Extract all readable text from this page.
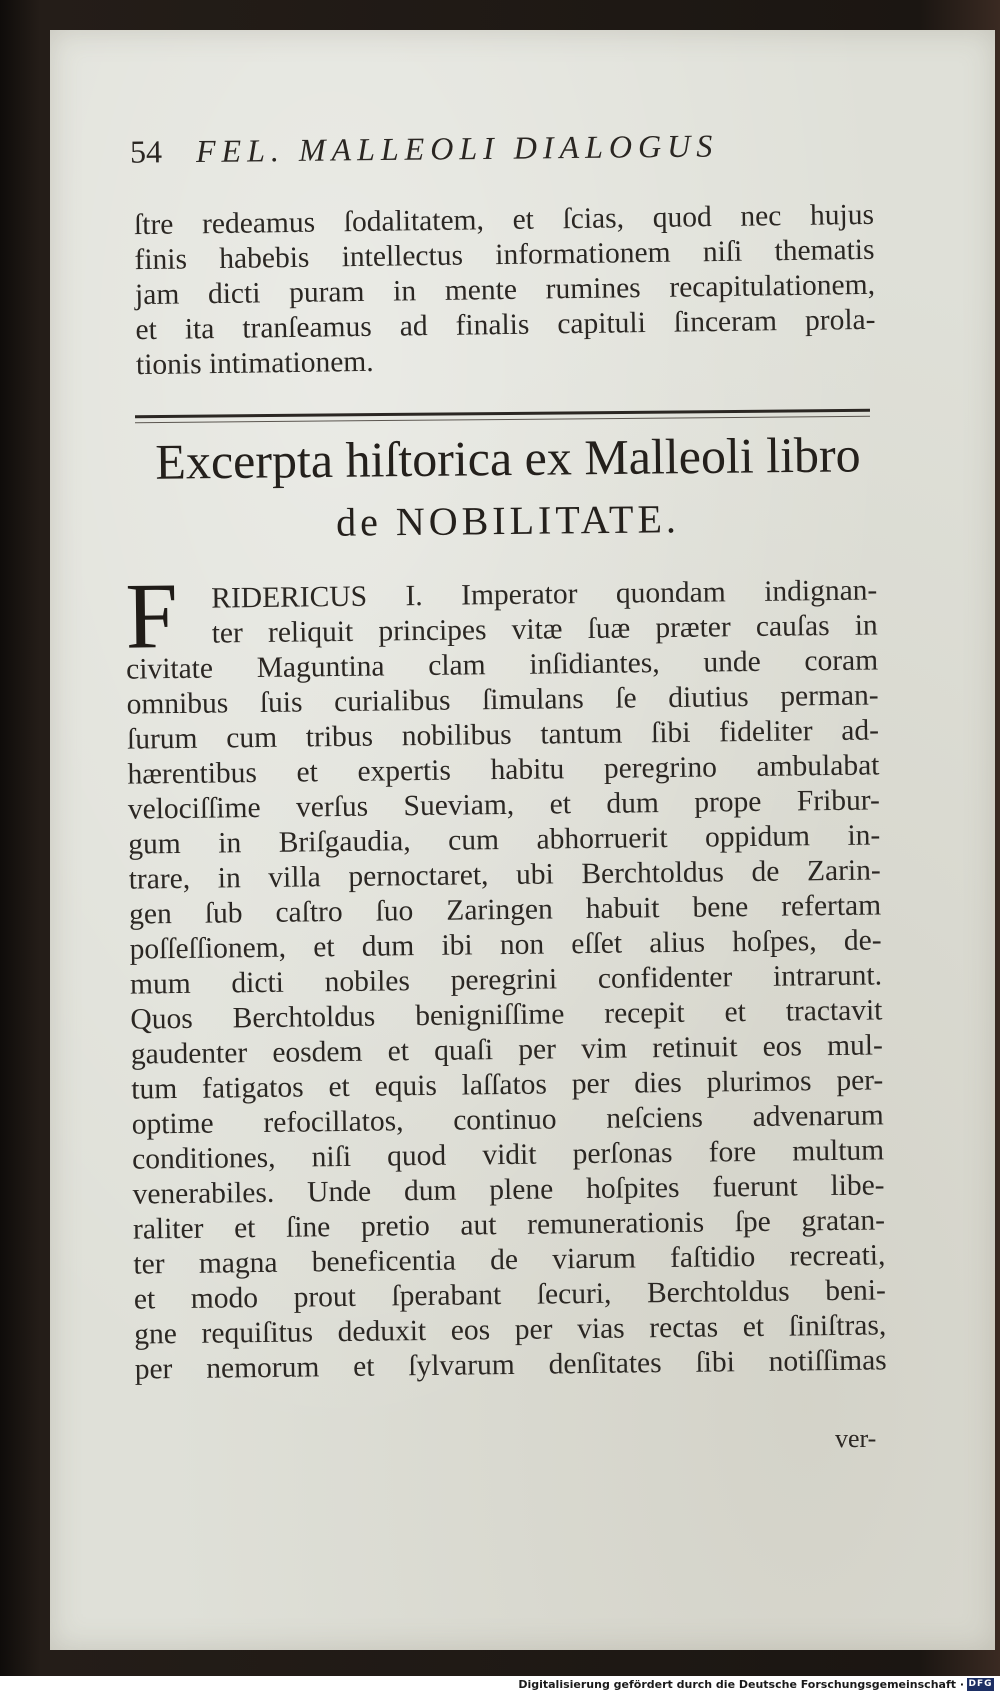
54 FEL. MALLEOLI DIALOGUS
ſtre redeamus ſodalitatem, et ſcias, quod nec hujus
finis habebis intellectus informationem niſi thematis
jam dicti puram in mente rumines recapitulationem,
et ita tranſeamus ad finalis capituli ſinceram prola-
tionis intimationem.
Excerpta hiſtorica ex Malleoli libro
de NOBILITATE.
F	RIDERICUS I. Imperator quondam indignan-
ter reliquit principes vitæ ſuæ præter cauſas in
civitate Maguntina clam inſidiantes, unde coram
omnibus ſuis curialibus ſimulans ſe diutius perman-
ſurum cum tribus nobilibus tantum ſibi fideliter ad-
hærentibus et expertis habitu peregrino ambulabat
velociſſime verſus Sueviam, et dum prope Fribur-
gum in Briſgaudia, cum abhorruerit oppidum in-
trare, in villa pernoctaret, ubi Berchtoldus de Zarin-
gen ſub caſtro ſuo Zaringen habuit bene refertam
poſſeſſionem, et dum ibi non eſſet alius hoſpes, de-
mum dicti nobiles peregrini confidenter intrarunt.
Quos Berchtoldus benigniſſime recepit et tractavit
gaudenter eosdem et quaſi per vim retinuit eos mul-
tum fatigatos et equis laſſatos per dies plurimos per-
optime refocillatos, continuo neſciens advenarum
conditiones, niſi quod vidit perſonas fore multum
venerabiles. Unde dum plene hoſpites fuerunt libe-
raliter et ſine pretio aut remunerationis ſpe gratan-
ter magna beneficentia de viarum faſtidio recreati,
et modo prout ſperabant ſecuri, Berchtoldus beni-
gne requiſitus deduxit eos per vias rectas et ſiniſtras,
per nemorum et ſylvarum denſitates ſibi notiſſimas
ver-
Digitalisierung gefördert durch die Deutsche Forschungsgemeinschaft · DFG
